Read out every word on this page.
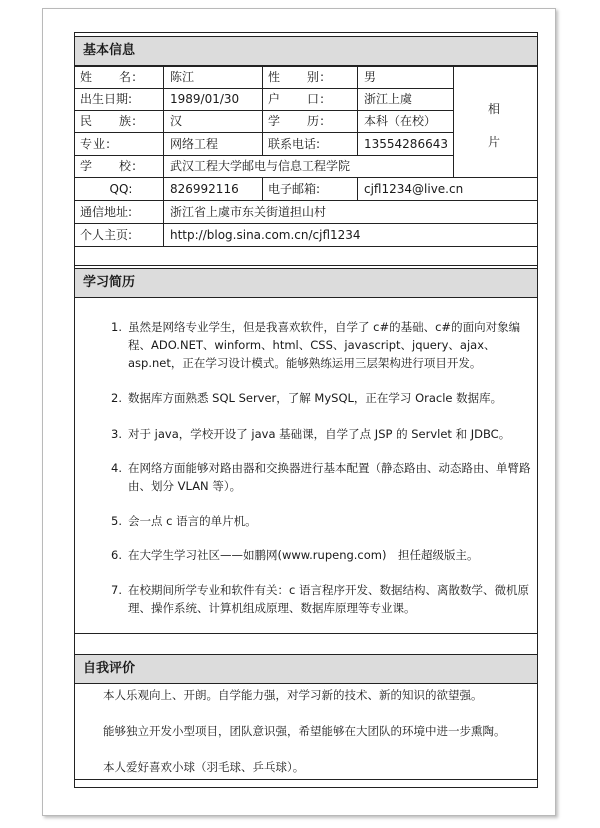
基本信息
姓　　名:	陈江	性　　别:	男
出生日期:	1989/01/30	户　　口:	浙江上虞
民　　族:	汉	学　　历:	本科（在校）
专业:	网络工程	联系电话:	13554286643
学　　校:	武汉工程大学邮电与信息工程学院
QQ:	826992116	电子邮箱:	cjfl1234@live.cn
通信地址:	浙江省上虞市东关街道担山村
个人主页:	http://blog.sina.com.cn/cjfl1234
相
片
学习简历
1. 虽然是网络专业学生，但是我喜欢软件，自学了 c#的基础、c#的面向对象编程、ADO.NET、winform、html、CSS、javascript、jquery、ajax、asp.net，正在学习设计模式。能够熟练运用三层架构进行项目开发。
2. 数据库方面熟悉 SQL Server，了解 MySQL，正在学习 Oracle 数据库。
3. 对于 java，学校开设了 java 基础课，自学了点 JSP 的 Servlet 和 JDBC。
4. 在网络方面能够对路由器和交换器进行基本配置（静态路由、动态路由、单臂路由、划分 VLAN 等）。
5. 会一点 c 语言的单片机。
6. 在大学生学习社区——如鹏网(www.rupeng.com)　担任超级版主。
7. 在校期间所学专业和软件有关：c 语言程序开发、数据结构、离散数学、微机原理、操作系统、计算机组成原理、数据库原理等专业课。
自我评价
本人乐观向上、开朗。自学能力强，对学习新的技术、新的知识的欲望强。
能够独立开发小型项目，团队意识强，希望能够在大团队的环境中进一步熏陶。
本人爱好喜欢小球（羽毛球、乒乓球）。
